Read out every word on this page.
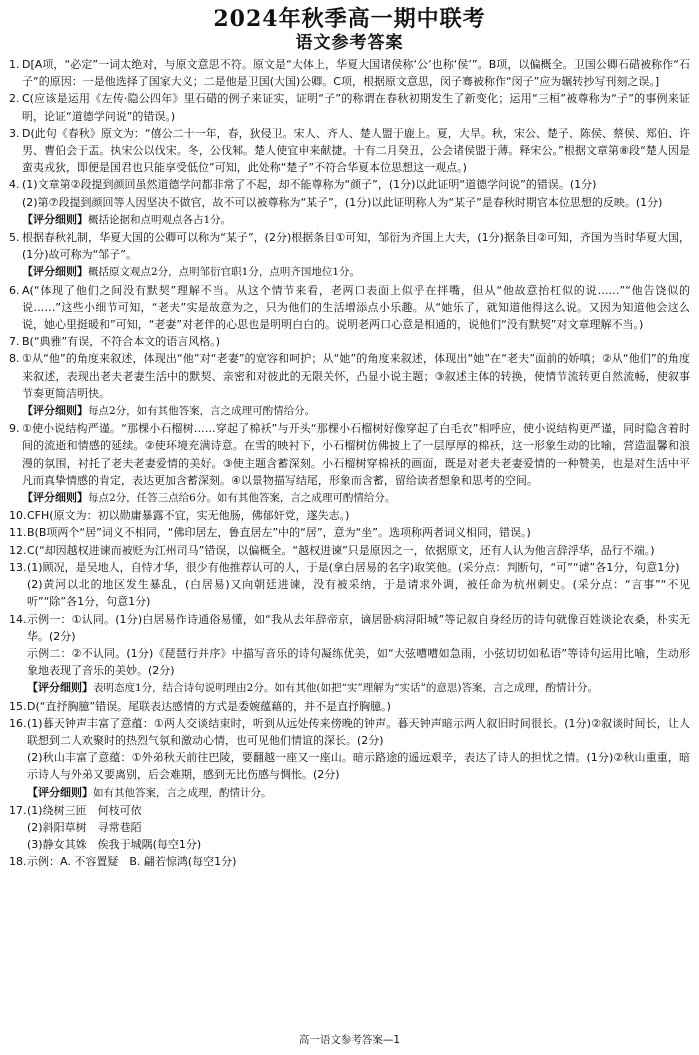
2024年秋季高一期中联考
语文参考答案
1. D[A项，“必定”一词太绝对，与原文意思不符。原文是“大体上，华夏大国诸侯称‘公’也称‘侯’”。B项，以偏概全。卫国公卿石碏被称作“石子”的原因：一是他选择了国家大义；二是他是卫国(大国)公卿。C项，根据原文意思，闵子骞被称作“闵子”应为辗转抄写刊刻之误。]
2. C(应该是运用《左传·隐公四年》里石碏的例子来证实，证明“子”的称谓在春秋初期发生了新变化；运用“三桓”被尊称为“子”的事例来证明，论证“道德学问说”的错误。)
3. D(此句《春秋》原文为：“僖公二十一年，春，狄侵卫。宋人、齐人、楚人盟于鹿上。夏，大旱。秋，宋公、楚子、陈侯、蔡侯、郑伯、许男、曹伯会于盂。执宋公以伐宋。冬，公伐邾。楚人使宜申来献捷。十有二月癸丑，公会诸侯盟于薄。释宋公。”根据文章第⑧段“楚人因是蛮夷戎狄，即便是国君也只能享受低位”可知，此处称“楚子”不符合华夏本位思想这一观点。)
4. (1)文章第②段提到颜回虽然道德学问都非常了不起，却不能尊称为“颜子”，(1分)以此证明“道德学问说”的错误。(1分)
(2)第⑦段提到颜回等人因坚决不做官，故不可以被尊称为“某子”，(1分)以此证明称人为“某子”是春秋时期官本位思想的反映。(1分)
【评分细则】概括论据和点明观点各占1分。
5. 根据春秋礼制，华夏大国的公卿可以称为“某子”，(2分)根据条目①可知，邹衍为齐国上大夫，(1分)据条目②可知，齐国为当时华夏大国，(1分)故可称为“邹子”。
【评分细则】概括原文观点2分，点明邹衍官职1分，点明齐国地位1分。
6. A(“体现了他们之间没有默契”理解不当。从这个情节来看，老两口表面上似乎在拌嘴，但从“他故意抬杠似的说……”“他告饶似的说……”这些小细节可知，“老夫”实是故意为之，只为他们的生活增添点小乐趣。从“她乐了，就知道他得这么说。又因为知道他会这么说，她心里挺暖和”可知，“老妻”对老伴的心思也是明明白白的。说明老两口心意是相通的，说他们“没有默契”对文章理解不当。)
7. B(“典雅”有误，不符合本文的语言风格。)
8. ①从“他”的角度来叙述，体现出“他”对“老妻”的宽容和呵护；从“她”的角度来叙述，体现出“她”在“老夫”面前的娇嗔；②从“他们”的角度来叙述，表现出老夫老妻生活中的默契、亲密和对彼此的无限关怀，凸显小说主题；③叙述主体的转换，使情节流转更自然流畅，使叙事节奏更简洁明快。
【评分细则】每点2分，如有其他答案，言之成理可酌情给分。
9. ①使小说结构严谨。“那棵小石榴树……穿起了棉袄”与开头“那棵小石榴树好像穿起了白毛衣”相呼应，使小说结构更严谨，同时隐含着时间的流逝和情感的延续。②使环境充满诗意。在雪的映衬下，小石榴树仿佛披上了一层厚厚的棉袄，这一形象生动的比喻，营造温馨和浪漫的氛围，衬托了老夫老妻爱情的美好。③使主题含蓄深刻。小石榴树穿棉袄的画面，既是对老夫老妻爱情的一种赞美，也是对生活中平凡而真挚情感的肯定，表达更加含蓄深刻。④以景物描写结尾，形象而含蓄，留给读者想象和思考的空间。
【评分细则】每点2分，任答三点给6分。如有其他答案，言之成理可酌情给分。
10. CFH(原文为：初以勋庸暴露不宜，实无他肠，佛郁奸党，遂失志。)
11. B(B项两个“居”词义不相同，“佛印居左，鲁直居左”中的“居”，意为“坐”。选项称两者词义相同，错误。)
12. C(“却因越权进谏而被贬为江州司马”错误，以偏概全。“越权进谏”只是原因之一，依据原文，还有人认为他言辞浮华，品行不端。)
13. (1)顾况，是吴地人，自恃才华，很少有他推荐认可的人，于是(拿白居易的名字)取笑他。(采分点：判断句，“可”“谑”各1分，句意1分)
(2)黄河以北的地区发生暴乱，(白居易)又向朝廷进谏，没有被采纳，于是请求外调，被任命为杭州刺史。(采分点：“言事”“不见听”“除”各1分，句意1分)
14. 示例一：①认同。(1分)白居易作诗通俗易懂，如“我从去年辞帝京，谪居卧病浔阳城”等记叙自身经历的诗句就像百姓谈论农桑，朴实无华。(2分)
示例二：②不认同。(1分)《琵琶行并序》中描写音乐的诗句凝练优美，如“大弦嘈嘈如急雨，小弦切切如私语”等诗句运用比喻，生动形象地表现了音乐的美妙。(2分)
【评分细则】表明态度1分，结合诗句说明理由2分。如有其他(如把“实”理解为“实话”的意思)答案，言之成理，酌情计分。
15. D(“直抒胸臆”错误。尾联表达感情的方式是委婉蕴藉的，并不是直抒胸臆。)
16. (1)暮天钟声丰富了意蕴：①两人交谈结束时，听到从远处传来傍晚的钟声。暮天钟声暗示两人叙旧时间很长。(1分)②叙谈时间长，让人联想到二人欢聚时的热烈气氛和激动心情，也可见他们情谊的深长。(2分)
(2)秋山丰富了意蕴：①外弟秋天前往巴陵，要翻越一座又一座山。暗示路途的遥远艰辛，表达了诗人的担忧之情。(1分)②秋山重重，暗示诗人与外弟又要离别，后会难期，感到无比伤感与惆怅。(2分)
【评分细则】如有其他答案，言之成理，酌情计分。
17. (1)绕树三匝　何枝可依
(2)斜阳草树　寻常巷陌
(3)静女其姝　俟我于城隅(每空1分)
18. 示例：A. 不容置疑　B. 翩若惊鸿(每空1分)
高一语文参考答案—1
